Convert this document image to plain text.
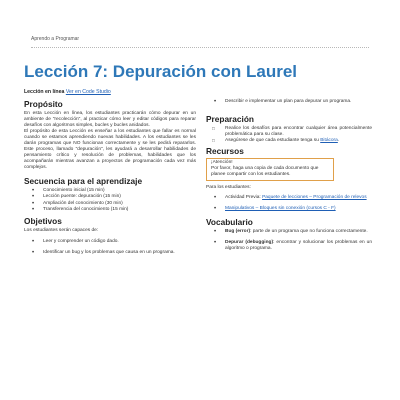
Aprendo a Programar
Lección 7: Depuración con Laurel
Lección en línea Ver en Code Studio
Propósito

En esta Lección en línea, los estudiantes practicarán cómo depurar en un ambiente de "recolección", al practicar cómo leer y editar códigos para reparar desafíos con algoritmos simples, bucles y bucles anidados.

El propósito de esta Lección es enseñar a los estudiantes que fallar es normal cuando se estamos aprendiendo nuevas habilidades. A los estudiantes se les darán programas que NO funcionan correctamente y se les pedirá repararlos. Este proceso, llamado "depuración", les ayudará a desarrollar habilidades de pensamiento crítico y resolución de problemas, habilidades que los acompañarán mientras avanzan a proyectos de programación cada vez más complejos.

Secuencia para el aprendizaje
• Conocimiento inicial (15 min)
• Lección puente: depuración (15 min)
• Ampliación del conocimiento (30 min)
• Transferencia del conocimiento (15 min)
Objetivos

Los estudiantes serán capaces de:

• Leer y comprender un código dado.
• Identificar un bug y los problemas que causa en un programa.
• Describir e implementar un plan para depurar un programa.
Preparación
□ Realice los desafíos para encontrar cualquier área potencialmente problemática para su clase.
□ Asegúrese de que cada estudiante tenga su Bitácora.
Recursos
¡Atención!
Por favor, haga una copia de cada documento que planee compartir con los estudiantes.

Para los estudiantes:

• Actividad Previa: Paquete de lecciones – Programación de relevos
• Manipulativos – Bloques sin conexión (cursos C - F)
Vocabulario
• Bug (error): parte de un programa que no funciona correctamente.
• Depurar (debugging): encontrar y solucionar los problemas en un algoritmo o programa.
